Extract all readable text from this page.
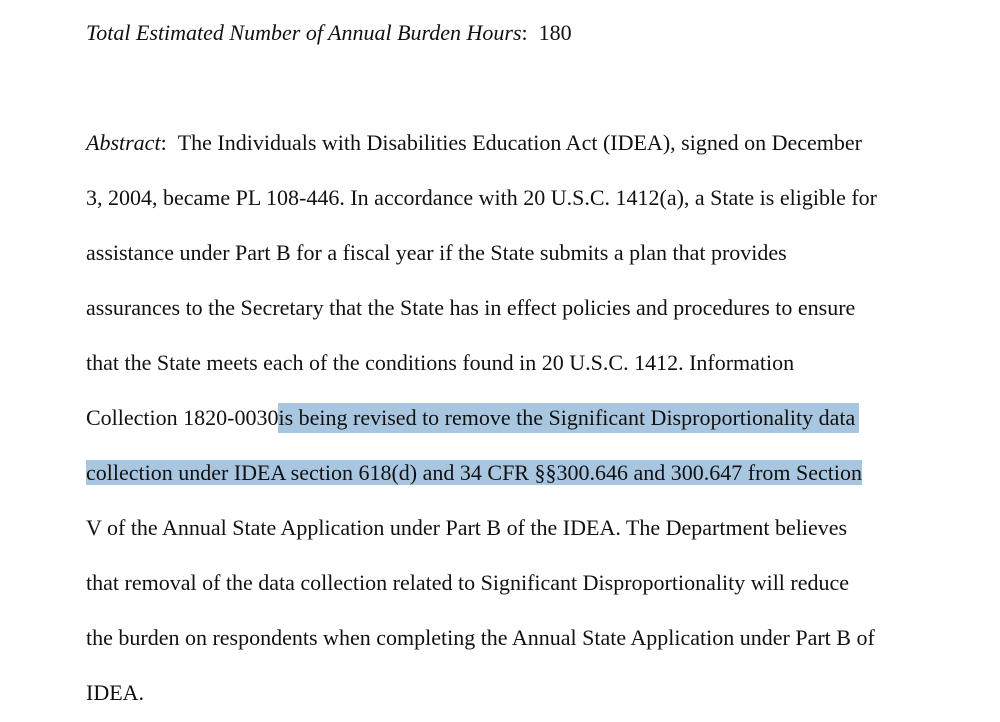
Total Estimated Number of Annual Burden Hours: 180
Abstract: The Individuals with Disabilities Education Act (IDEA), signed on December
3, 2004, became PL 108-446. In accordance with 20 U.S.C. 1412(a), a State is eligible for
assistance under Part B for a fiscal year if the State submits a plan that provides
assurances to the Secretary that the State has in effect policies and procedures to ensure
that the State meets each of the conditions found in 20 U.S.C. 1412. Information
Collection 1820-0030is being revised to remove the Significant Disproportionality data
collection under IDEA section 618(d) and 34 CFR §§300.646 and 300.647 from Section
V of the Annual State Application under Part B of the IDEA. The Department believes
that removal of the data collection related to Significant Disproportionality will reduce
the burden on respondents when completing the Annual State Application under Part B of
IDEA.
